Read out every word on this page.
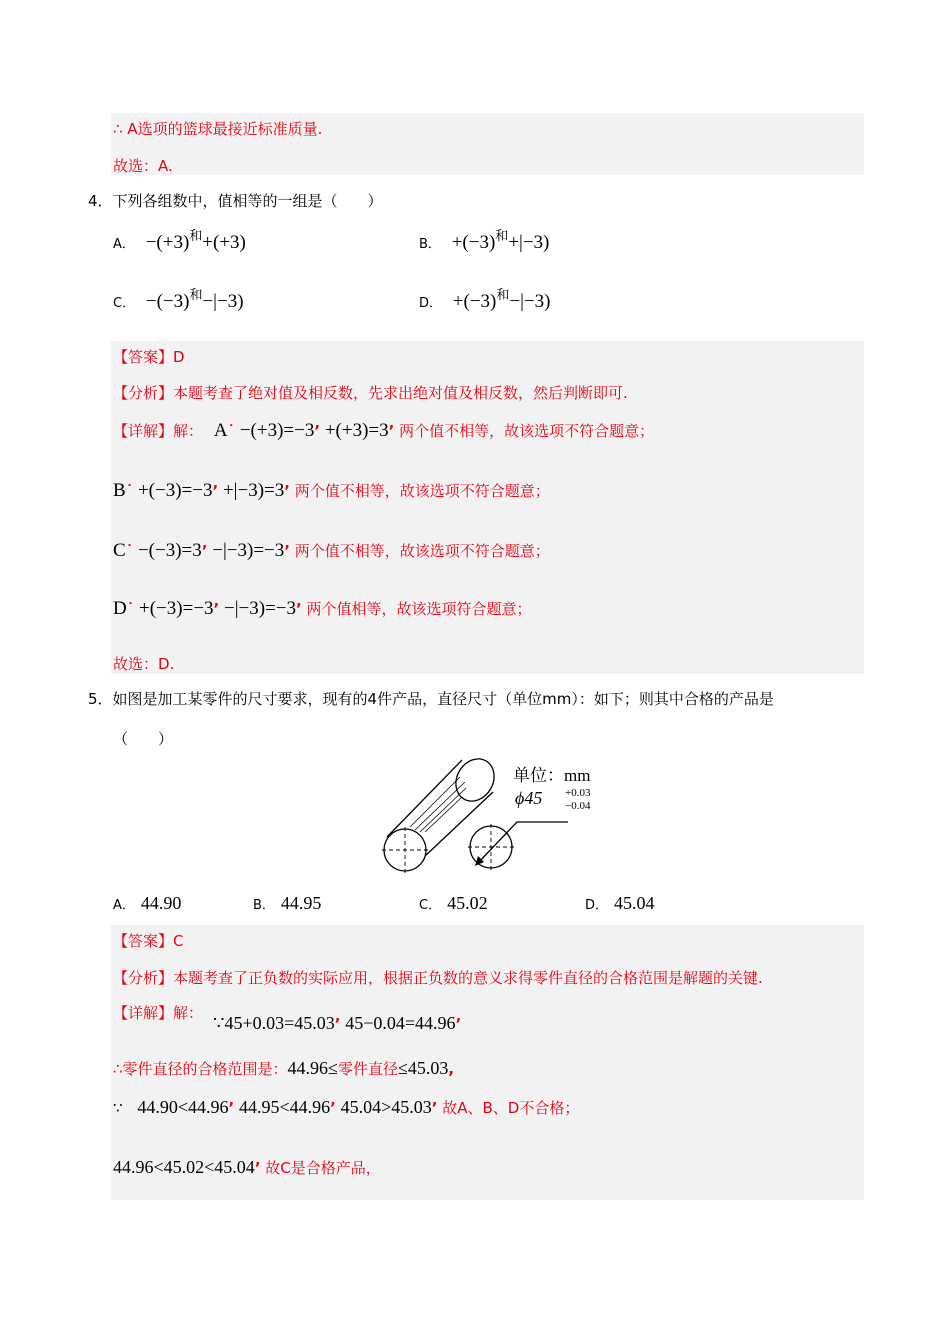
∴ A选项的篮球最接近标准质量.
故选：A.
4．下列各组数中，值相等的一组是（　　）
A． −(+3)和+(+3)	B． +(−3)和+|−3)
C． −(−3)和−|−3)	D． +(−3)和−|−3)
【答案】D
【分析】本题考查了绝对值及相反数，先求出绝对值及相反数，然后判断即可.
【详解】解： A˙ −(+3)=−3’ +(+3)=3’ 两个值不相等，故该选项不符合题意；
B˙ +(−3)=−3’ +|−3)=3’ 两个值不相等，故该选项不符合题意；
C˙ −(−3)=3’ −|−3)=−3’ 两个值不相等，故该选项不符合题意；
D˙ +(−3)=−3’ −|−3)=−3’ 两个值相等，故该选项符合题意；
故选：D.
5．如图是加工某零件的尺寸要求，现有的4件产品，直径尺寸（单位mm）：如下；则其中合格的产品是
（　　）
单位：mm
ϕ45 +0.03
−0.04
A． 44.90	B． 44.95	C． 45.02	D． 45.04
【答案】C
【分析】本题考查了正负数的实际应用，根据正负数的意义求得零件直径的合格范围是解题的关键.
【详解】解： ∵45+0.03=45.03’ 45−0.04=44.96’
∴零件直径的合格范围是：44.96≤零件直径≤45.03,
∵ 44.90<44.96’ 44.95<44.96’ 45.04>45.03’ 故A、B、D不合格；
44.96<45.02<45.04’ 故C是合格产品，
